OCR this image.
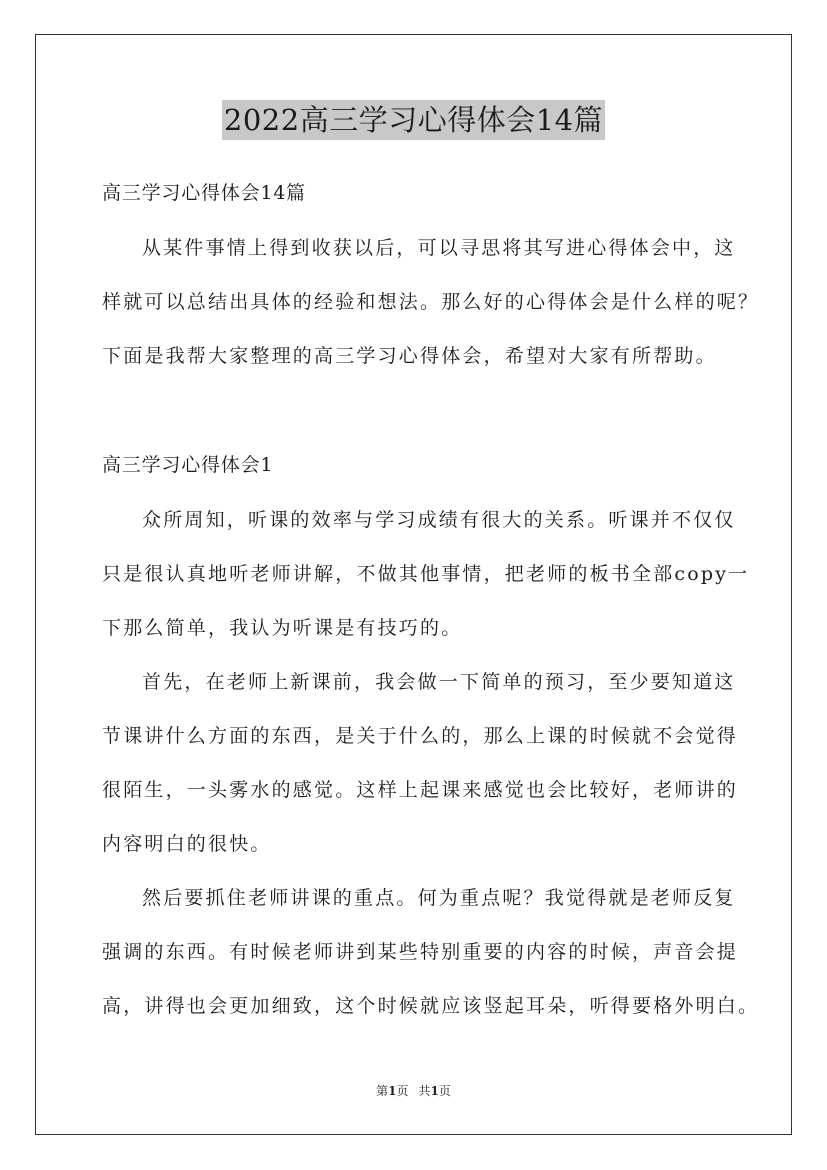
2022高三学习心得体会14篇

高三学习心得体会14篇

从某件事情上得到收获以后，可以寻思将其写进心得体会中，这

样就可以总结出具体的经验和想法。那么好的心得体会是什么样的呢？

下面是我帮大家整理的高三学习心得体会，希望对大家有所帮助。

高三学习心得体会1

众所周知，听课的效率与学习成绩有很大的关系。听课并不仅仅

只是很认真地听老师讲解，不做其他事情，把老师的板书全部copy一

下那么简单，我认为听课是有技巧的。

首先，在老师上新课前，我会做一下简单的预习，至少要知道这

节课讲什么方面的东西，是关于什么的，那么上课的时候就不会觉得

很陌生，一头雾水的感觉。这样上起课来感觉也会比较好，老师讲的

内容明白的很快。

然后要抓住老师讲课的重点。何为重点呢？我觉得就是老师反复

强调的东西。有时候老师讲到某些特别重要的内容的时候，声音会提

高，讲得也会更加细致，这个时候就应该竖起耳朵，听得要格外明白。

第1页 共1页
